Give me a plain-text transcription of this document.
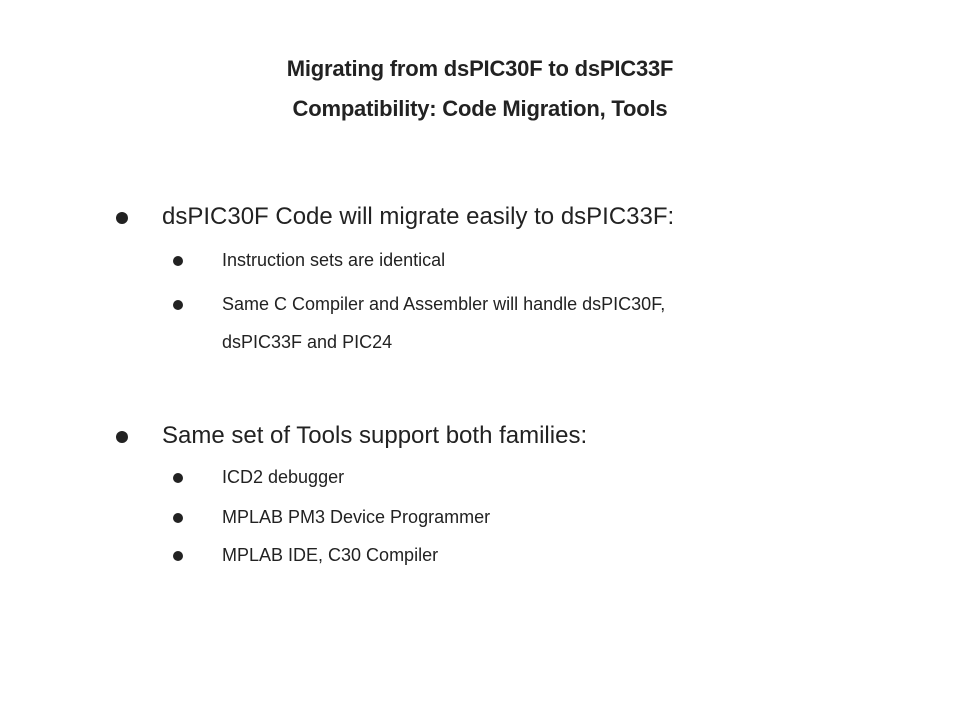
Migrating from dsPIC30F to dsPIC33F
Compatibility: Code Migration, Tools
dsPIC30F Code will migrate easily to dsPIC33F:
Instruction sets are identical
Same C Compiler and Assembler will handle dsPIC30F,
dsPIC33F and PIC24
Same set of Tools support both families:
ICD2 debugger
MPLAB PM3 Device Programmer
MPLAB IDE, C30 Compiler
